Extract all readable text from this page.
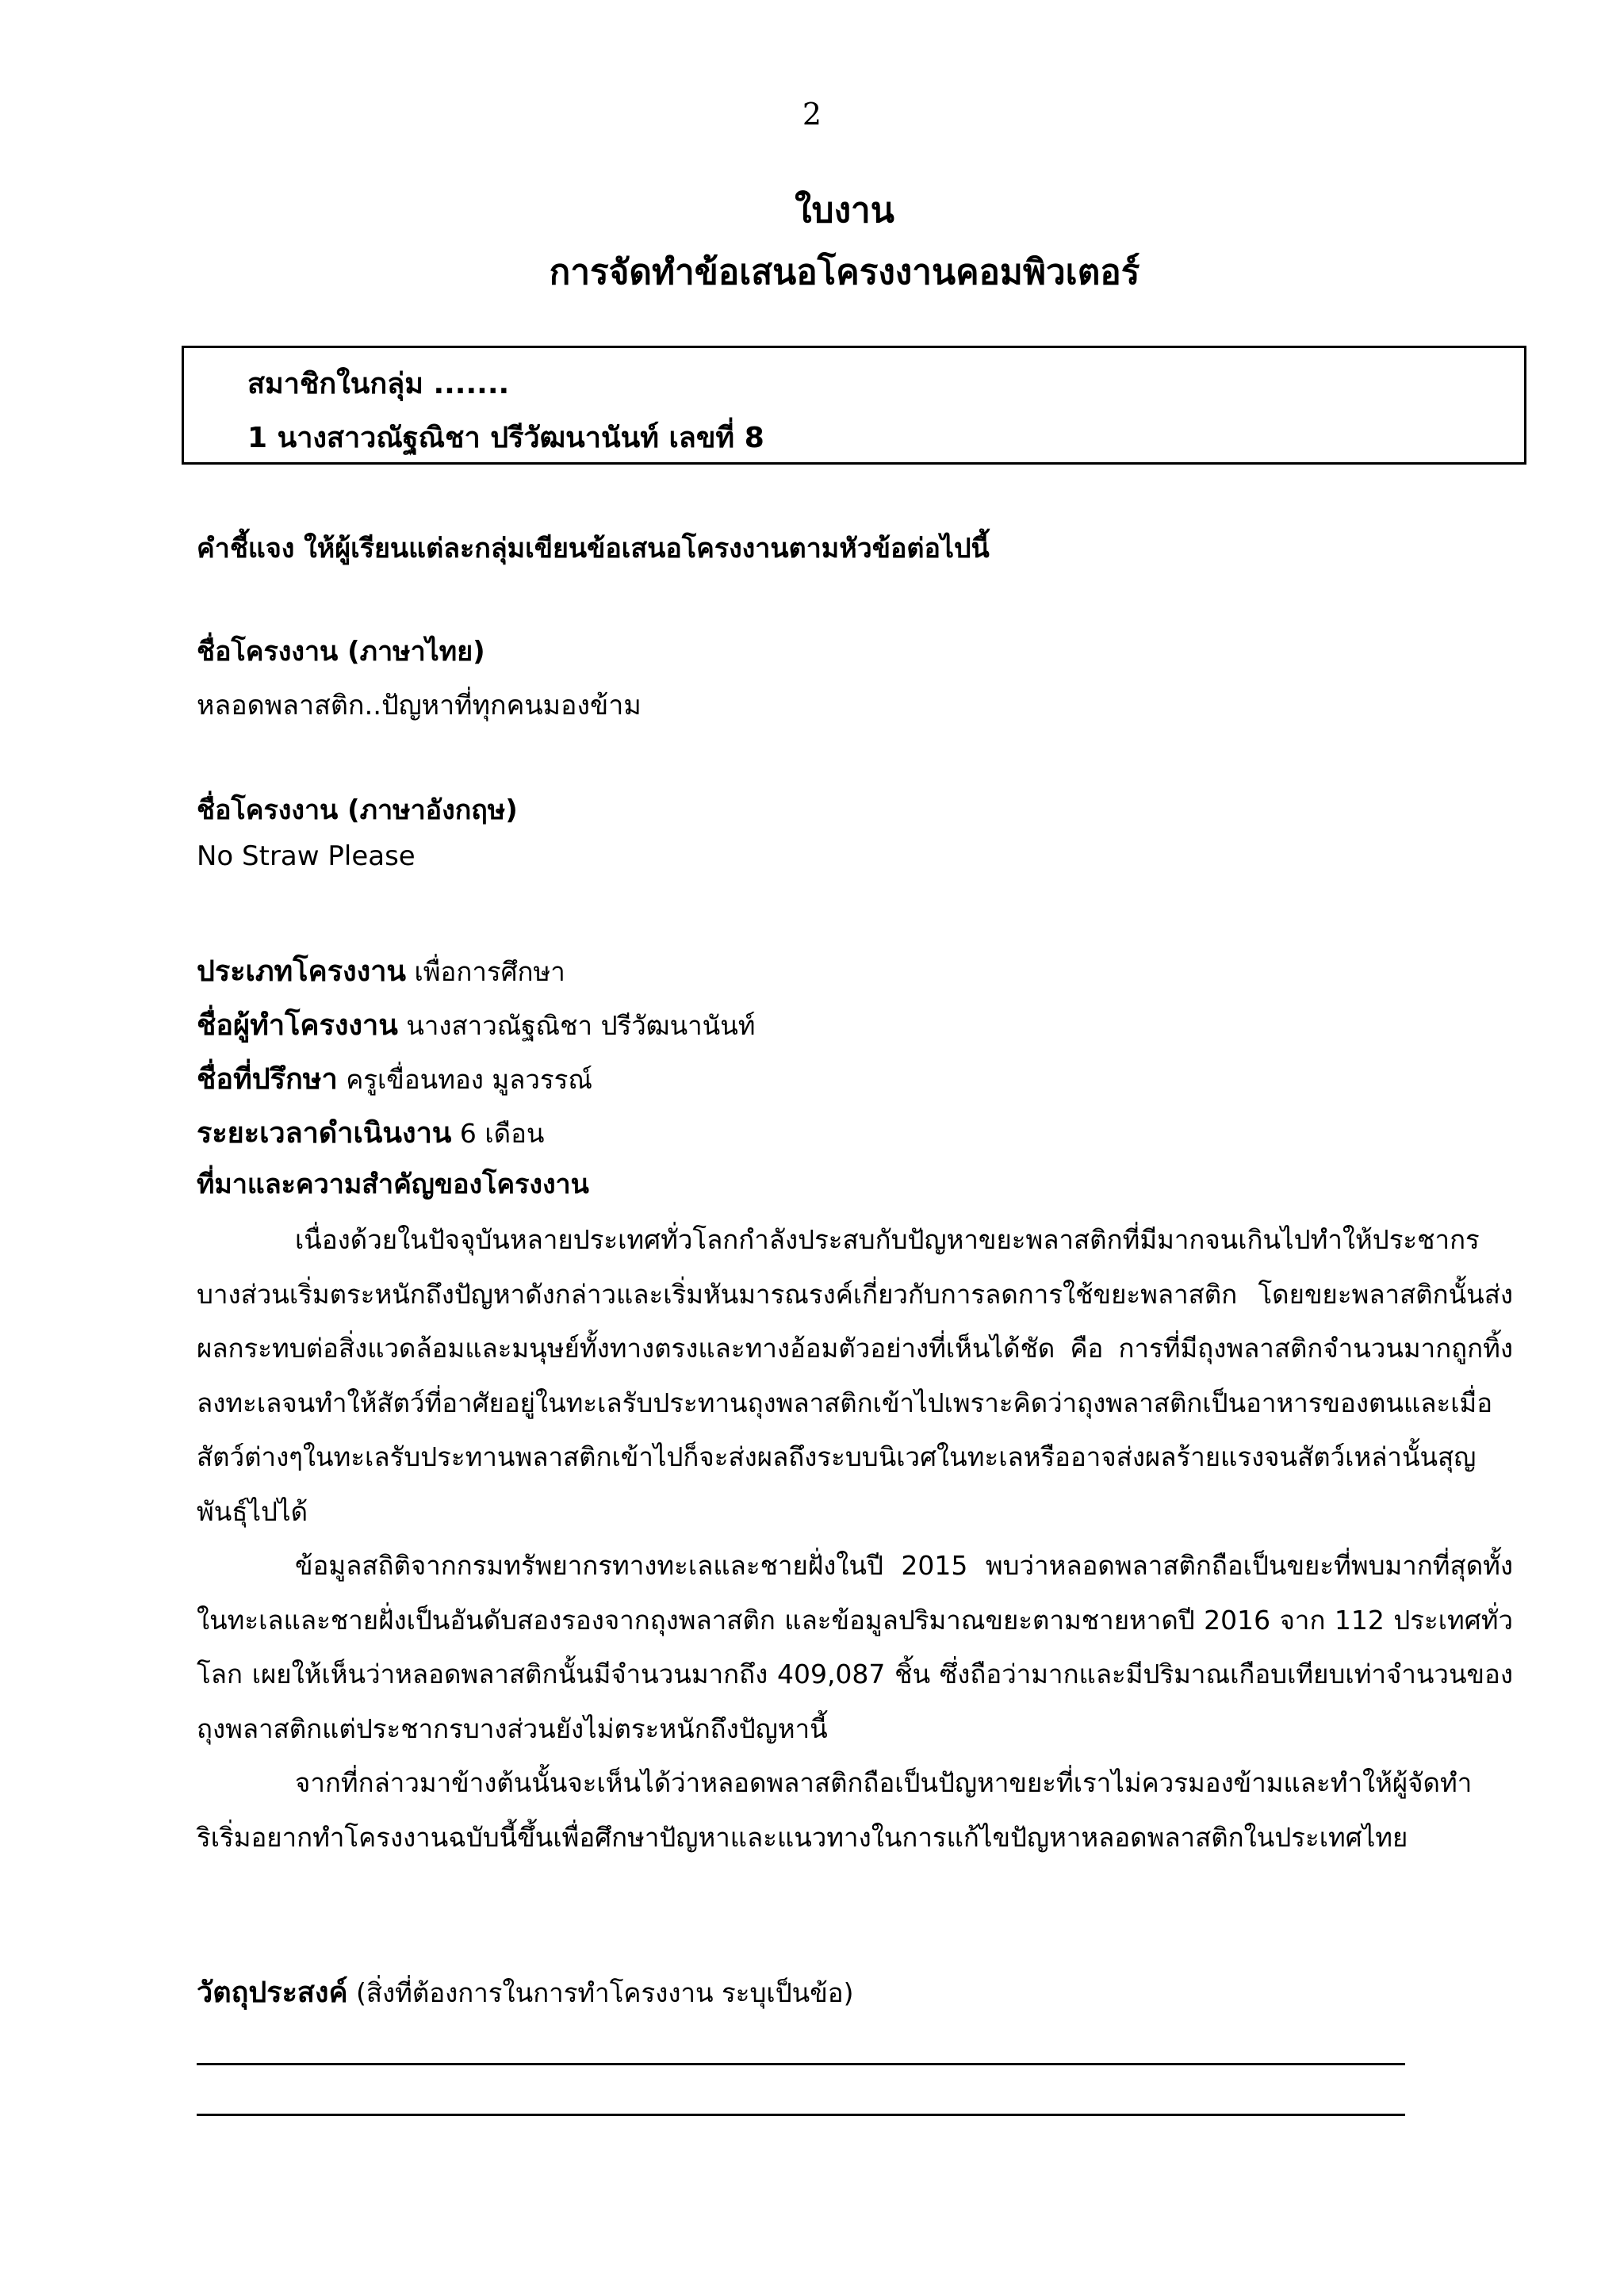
2
ใบงาน
การจัดทำข้อเสนอโครงงานคอมพิวเตอร์
สมาชิกในกลุ่ม .......
1 นางสาวณัฐณิชา ปรีวัฒนานันท์ เลขที่ 8
คำชี้แจง ให้ผู้เรียนแต่ละกลุ่มเขียนข้อเสนอโครงงานตามหัวข้อต่อไปนี้
ชื่อโครงงาน (ภาษาไทย)
หลอดพลาสติก..ปัญหาที่ทุกคนมองข้าม
ชื่อโครงงาน (ภาษาอังกฤษ)
No Straw Please
ประเภทโครงงาน เพื่อการศึกษา
ชื่อผู้ทำโครงงาน นางสาวณัฐณิชา ปรีวัฒนานันท์
ชื่อที่ปรึกษา ครูเขื่อนทอง มูลวรรณ์
ระยะเวลาดำเนินงาน 6 เดือน
ที่มาและความสำคัญของโครงงาน

เนื่องด้วยในปัจจุบันหลายประเทศทั่วโลกกำลังประสบกับปัญหาขยะพลาสติกที่มีมากจนเกินไปทำให้ประชากรบางส่วนเริ่มตระหนักถึงปัญหาดังกล่าวและเริ่มหันมารณรงค์เกี่ยวกับการลดการใช้ขยะพลาสติก โดยขยะพลาสติกนั้นส่งผลกระทบต่อสิ่งแวดล้อมและมนุษย์ทั้งทางตรงและทางอ้อมตัวอย่างที่เห็นได้ชัด คือ การที่มีถุงพลาสติกจำนวนมากถูกทิ้งลงทะเลจนทำให้สัตว์ที่อาศัยอยู่ในทะเลรับประทานถุงพลาสติกเข้าไปเพราะคิดว่าถุงพลาสติกเป็นอาหารของตนและเมื่อสัตว์ต่างๆในทะเลรับประทานพลาสติกเข้าไปก็จะส่งผลถึงระบบนิเวศในทะเลหรืออาจส่งผลร้ายแรงจนสัตว์เหล่านั้นสุญพันธุ์ไปได้

ข้อมูลสถิติจากกรมทรัพยากรทางทะเลและชายฝั่งในปี 2015 พบว่าหลอดพลาสติกถือเป็นขยะที่พบมากที่สุดทั้งในทะเลและชายฝั่งเป็นอันดับสองรองจากถุงพลาสติก และข้อมูลปริมาณขยะตามชายหาดปี 2016 จาก 112 ประเทศทั่วโลก เผยให้เห็นว่าหลอดพลาสติกนั้นมีจำนวนมากถึง 409,087 ชิ้น ซึ่งถือว่ามากและมีปริมาณเกือบเทียบเท่าจำนวนของถุงพลาสติกแต่ประชากรบางส่วนยังไม่ตระหนักถึงปัญหานี้

จากที่กล่าวมาข้างต้นนั้นจะเห็นได้ว่าหลอดพลาสติกถือเป็นปัญหาขยะที่เราไม่ควรมองข้ามและทำให้ผู้จัดทำริเริ่มอยากทำโครงงานฉบับนี้ขึ้นเพื่อศึกษาปัญหาและแนวทางในการแก้ไขปัญหาหลอดพลาสติกในประเทศไทย

วัตถุประสงค์ (สิ่งที่ต้องการในการทำโครงงาน ระบุเป็นข้อ)
